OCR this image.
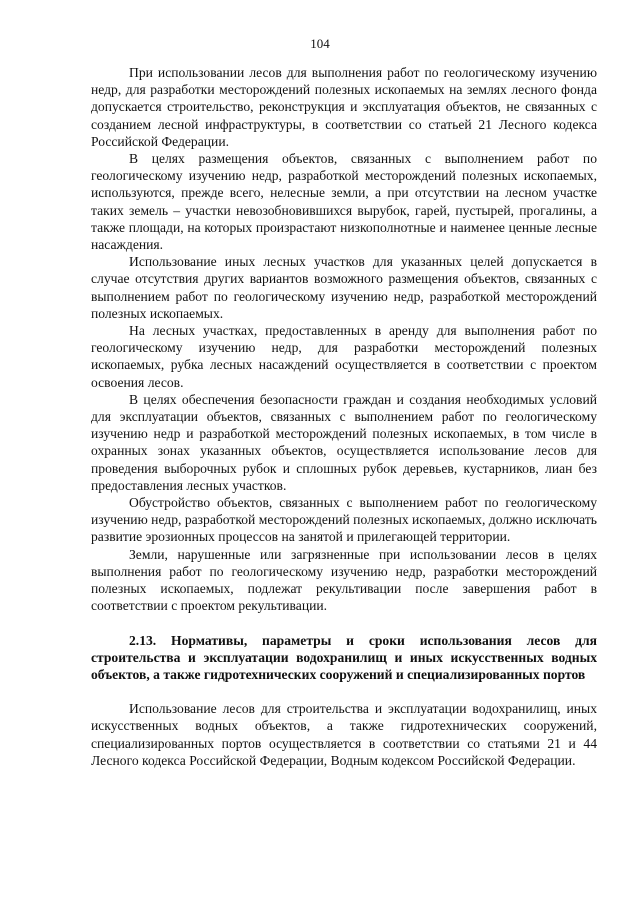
104

При использовании лесов для выполнения работ по геологическому изучению недр, для разработки месторождений полезных ископаемых на землях лесного фонда допускается строительство, реконструкция и эксплуатация объектов, не связанных с созданием лесной инфраструктуры, в соответствии со статьей 21 Лесного кодекса Российской Федерации.

В целях размещения объектов, связанных с выполнением работ по геологическому изучению недр, разработкой месторождений полезных ископаемых, используются, прежде всего, нелесные земли, а при отсутствии на лесном участке таких земель – участки невозобновившихся вырубок, гарей, пустырей, прогалины, а также площади, на которых произрастают низкополнотные и наименее ценные лесные насаждения.

Использование иных лесных участков для указанных целей допускается в случае отсутствия других вариантов возможного размещения объектов, связанных с выполнением работ по геологическому изучению недр, разработкой месторождений полезных ископаемых.

На лесных участках, предоставленных в аренду для выполнения работ по геологическому изучению недр, для разработки месторождений полезных ископаемых, рубка лесных насаждений осуществляется в соответствии с проектом освоения лесов.

В целях обеспечения безопасности граждан и создания необходимых условий для эксплуатации объектов, связанных с выполнением работ по геологическому изучению недр и разработкой месторождений полезных ископаемых, в том числе в охранных зонах указанных объектов, осуществляется использование лесов для проведения выборочных рубок и сплошных рубок деревьев, кустарников, лиан без предоставления лесных участков.

Обустройство объектов, связанных с выполнением работ по геологическому изучению недр, разработкой месторождений полезных ископаемых, должно исключать развитие эрозионных процессов на занятой и прилегающей территории.

Земли, нарушенные или загрязненные при использовании лесов в целях выполнения работ по геологическому изучению недр, разработки месторождений полезных ископаемых, подлежат рекультивации после завершения работ в соответствии с проектом рекультивации.

2.13. Нормативы, параметры и сроки использования лесов для строительства и эксплуатации водохранилищ и иных искусственных водных объектов, а также гидротехнических сооружений и специализированных портов

Использование лесов для строительства и эксплуатации водохранилищ, иных искусственных водных объектов, а также гидротехнических сооружений, специализированных портов осуществляется в соответствии со статьями 21 и 44 Лесного кодекса Российской Федерации, Водным кодексом Российской Федерации.
